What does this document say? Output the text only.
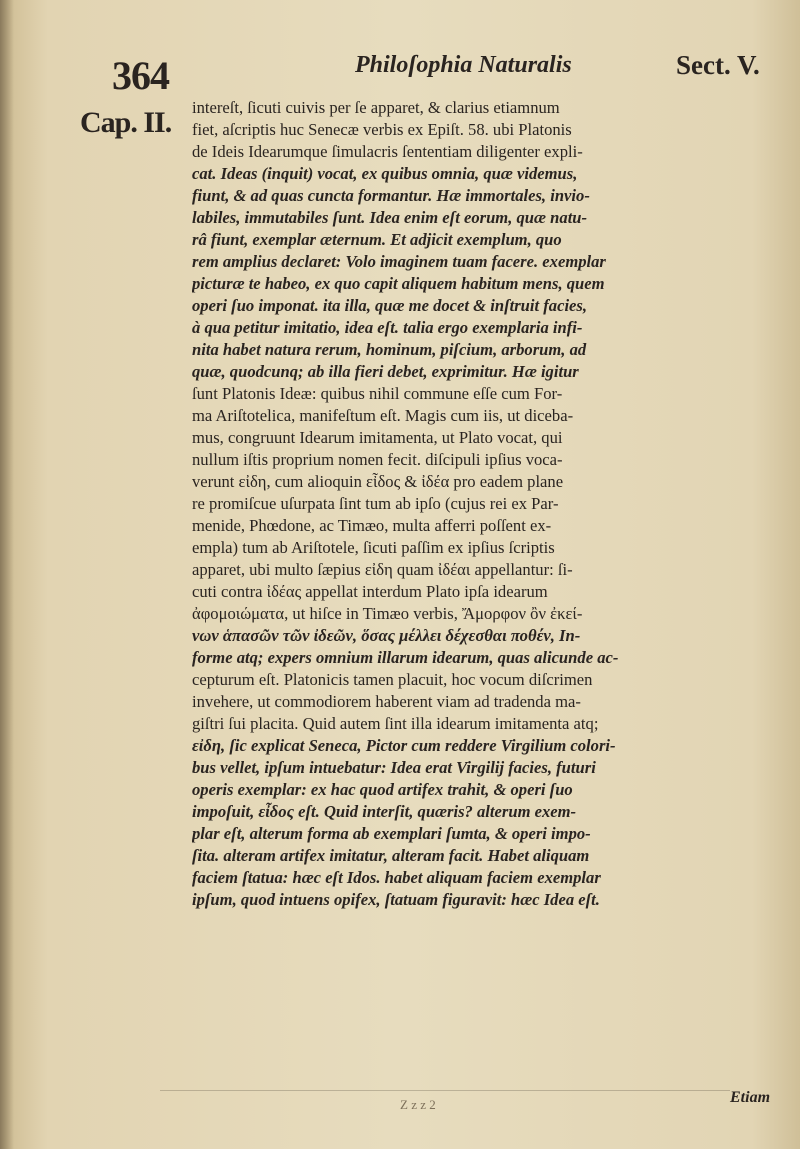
364	Philoſophia Naturalis	Sect. V.
Cap. II. intereſt, ſicuti cuivis per ſe apparet, & clarius etiamnum
fiet, aſcriptis huc Senecæ verbis ex Epiſt. 58. ubi Platonis
de Ideis Idearumque ſimulacris ſententiam diligenter expli-
cat. Ideas (inquit) vocat, ex quibus omnia, quæ videmus,
fiunt, & ad quas cuncta formantur. Hæ immortales, invio-
labiles, immutabiles ſunt. Idea enim eſt eorum, quæ natu-
râ fiunt, exemplar æternum. Et adjicit exemplum, quo
rem amplius declaret: Volo imaginem tuam facere. exemplar
picturæ te habeo, ex quo capit aliquem habitum mens, quem
operi ſuo imponat. ita illa, quæ me docet & inſtruit facies,
à qua petitur imitatio, idea eſt. talia ergo exemplaria infi-
nita habet natura rerum, hominum, piſcium, arborum, ad
quæ, quodcunq; ab illa fieri debet, exprimitur. Hæ igitur
ſunt Platonis Ideæ: quibus nihil commune eſſe cum For-
ma Ariſtotelica, manifeſtum eſt. Magis cum iis, ut diceba-
mus, congruunt Idearum imitamenta, ut Plato vocat, qui
nullum iſtis proprium nomen fecit. diſcipuli ipſius voca-
verunt εἰδη, cum alioquin εἶδος & ἰδέα pro eadem plane
re promiſcue uſurpata ſint tum ab ipſo (cujus rei ex Par-
menide, Phœdone, ac Timæo, multa afferri poſſent ex-
empla) tum ab Ariſtotele, ſicuti paſſim ex ipſius ſcriptis
apparet, ubi multo ſæpius εἰδη quam ἰδέαι appellantur: ſi-
cuti contra ἰδέας appellat interdum Plato ipſa idearum
ἀφομοιώματα, ut hiſce in Timæo verbis, Ἄμορφον ὂν ἐκεί-
νων ἁπασῶν τῶν ἰδεῶν, ὅσας μέλλει δέχεσθαι ποθέν, In-
forme atq; expers omnium illarum idearum, quas alicunde ac-
cepturum eſt. Platonicis tamen placuit, hoc vocum diſcrimen
invehere, ut commodiorem haberent viam ad tradenda ma-
giſtri ſui placita. Quid autem ſint illa idearum imitamenta atq;
εἰδη, ſic explicat Seneca, Pictor cum reddere Virgilium colori-
bus vellet, ipſum intuebatur: Idea erat Virgilij facies, futuri
operis exemplar: ex hac quod artifex trahit, & operi ſuo
impoſuit, εἶδος eſt. Quid interſit, quæris? alterum exem-
plar eſt, alterum forma ab exemplari ſumta, & operi impo-
ſita. alteram artifex imitatur, alteram facit. Habet aliquam
faciem ſtatua: hæc eſt Idos. habet aliquam faciem exemplar
ipſum, quod intuens opifex, ſtatuam figuravit: hæc Idea eſt.
Z z z 2	Etiam
